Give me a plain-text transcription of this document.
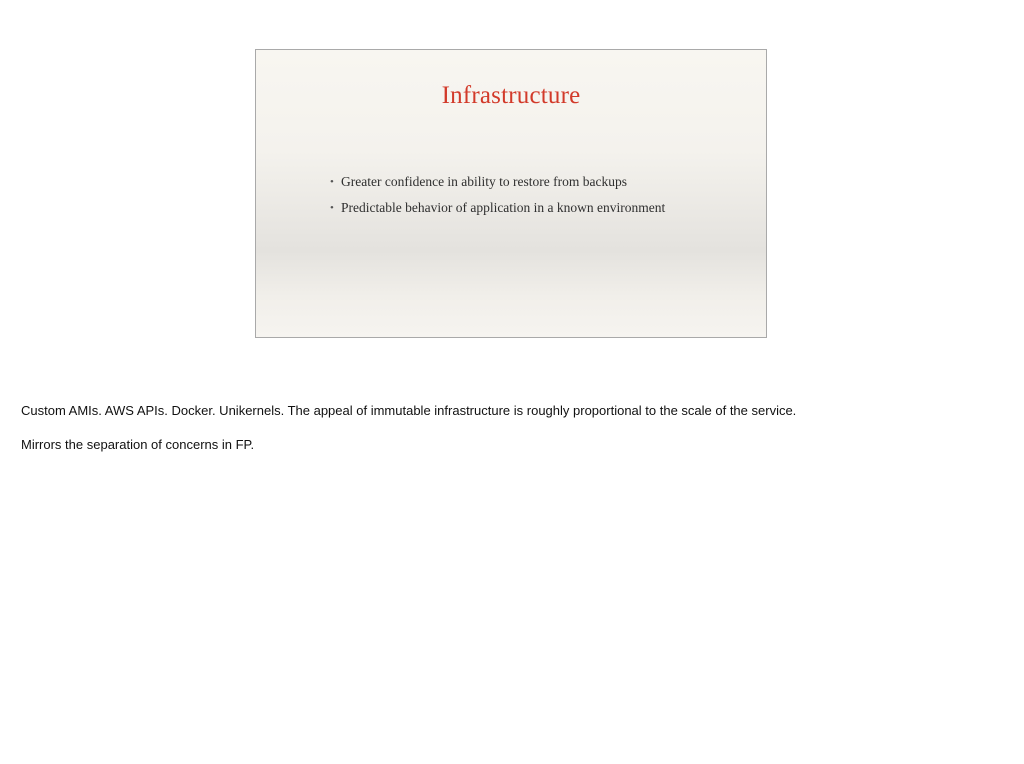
Infrastructure
• Greater confidence in ability to restore from backups
• Predictable behavior of application in a known environment

Custom AMIs. AWS APIs. Docker. Unikernels. The appeal of immutable infrastructure is roughly proportional to the scale of the service.

Mirrors the separation of concerns in FP.
